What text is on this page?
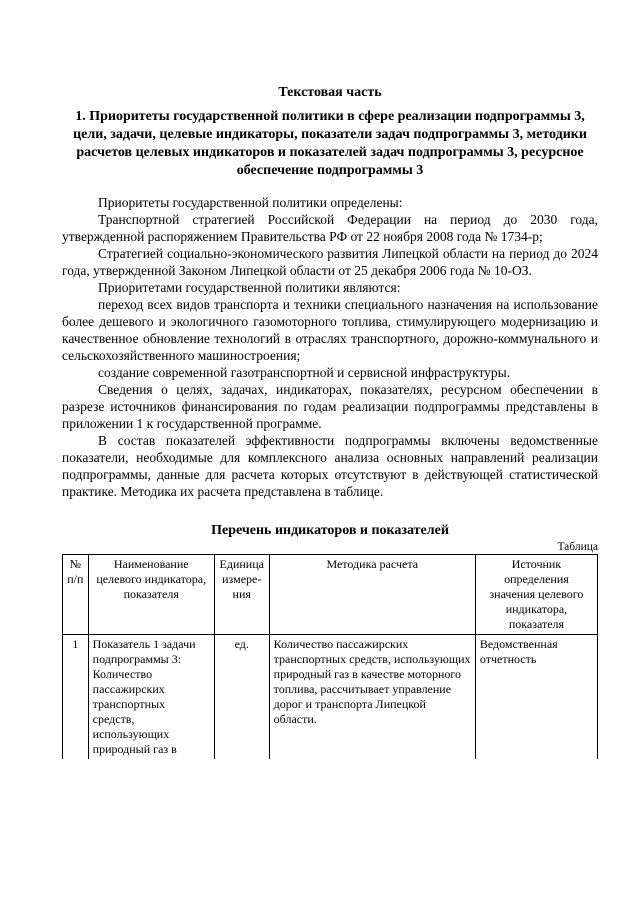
Текстовая часть

1. Приоритеты государственной политики в сфере реализации подпрограммы 3, цели, задачи, целевые индикаторы, показатели задач подпрограммы 3, методики расчетов целевых индикаторов и показателей задач подпрограммы 3, ресурсное обеспечение подпрограммы 3

Приоритеты государственной политики определены:

Транспортной стратегией Российской Федерации на период до 2030 года, утвержденной распоряжением Правительства РФ от 22 ноября 2008 года № 1734-р;

Стратегией социально-экономического развития Липецкой области на период до 2024 года, утвержденной Законом Липецкой области от 25 декабря 2006 года № 10-ОЗ.

Приоритетами государственной политики являются:

переход всех видов транспорта и техники специального назначения на использование более дешевого и экологичного газомоторного топлива, стимулирующего модернизацию и качественное обновление технологий в отраслях транспортного, дорожно-коммунального и сельскохозяйственного машиностроения;

создание современной газотранспортной и сервисной инфраструктуры.

Сведения о целях, задачах, индикаторах, показателях, ресурсном обеспечении в разрезе источников финансирования по годам реализации подпрограммы представлены в приложении 1 к государственной программе.

В состав показателей эффективности подпрограммы включены ведомственные показатели, необходимые для комплексного анализа основных направлений реализации подпрограммы, данные для расчета которых отсутствуют в действующей статистической практике. Методика их расчета представлена в таблице.

Перечень индикаторов и показателей
Таблица
№ п/п	Наименование целевого индикатора, показателя	Единица измере-ния	Методика расчета	Источник определения значения целевого индикатора, показателя
1	Показатель 1 задачи подпрограммы 3: Количество пассажирских транспортных средств, использующих природный газ в	ед.	Количество пассажирских транспортных средств, использующих природный газ в качестве моторного топлива, рассчитывает управление дорог и транспорта Липецкой области.	Ведомственная отчетность
